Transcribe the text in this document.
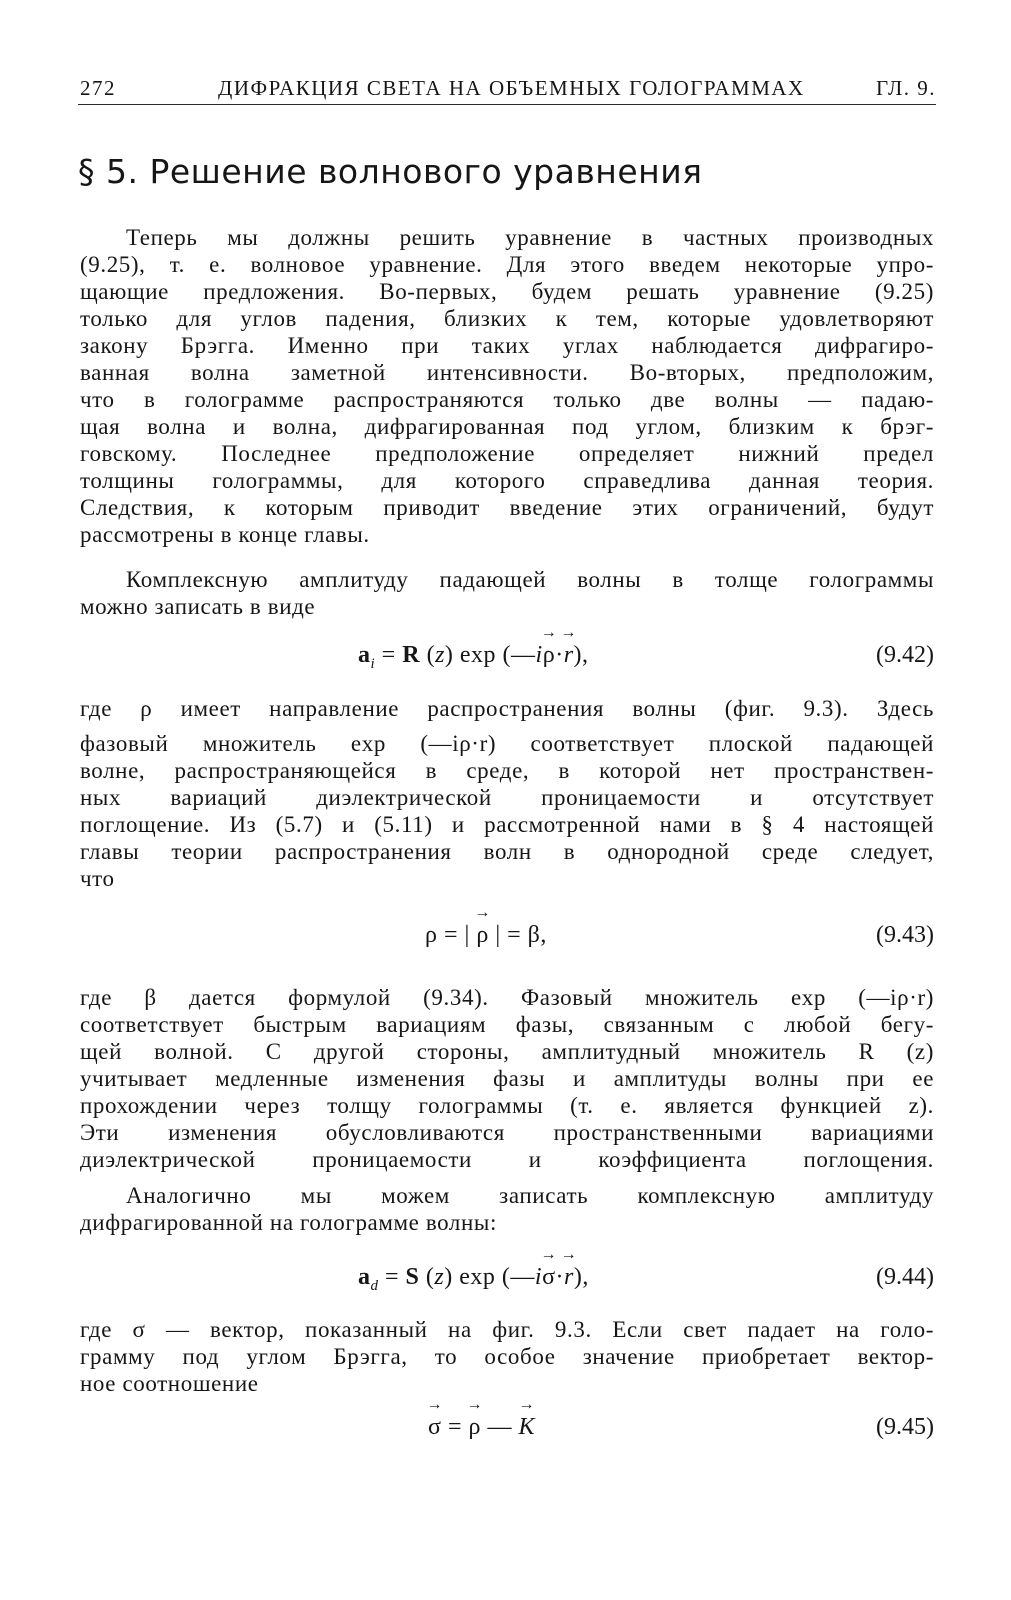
272	ДИФРАКЦИЯ СВЕТА НА ОБЪЕМНЫХ ГОЛОГРАММАХ	ГЛ. 9.
§ 5. Решение волнового уравнения
Теперь мы должны решить уравнение в частных производных
(9.25), т. е. волновое уравнение. Для этого введем некоторые упро-
щающие предложения. Во-первых, будем решать уравнение (9.25)
только для углов падения, близких к тем, которые удовлетворяют
закону Брэгга. Именно при таких углах наблюдается дифрагиро-
ванная волна заметной интенсивности. Во-вторых, предположим,
что в голограмме распространяются только две волны — падаю-
щая волна и волна, дифрагированная под углом, близким к брэг-
говскому. Последнее предположение определяет нижний предел
толщины голограммы, для которого справедлива данная теория.
Следствия, к которым приводит введение этих ограничений, будут
рассмотрены в конце главы.
Комплексную амплитуду падающей волны в толще голограммы
можно записать в виде
$a_i = R$ (z) exp (—i→ ρ·→ r),	(9.42)
где ρ имеет направление распространения волны (фиг. 9.3). Здесь
фазовый множитель exp (—iρ·r) соответствует плоской падающей
волне, распространяющейся в среде, в которой нет пространствен-
ных вариаций диэлектрической проницаемости и отсутствует
поглощение. Из (5.7) и (5.11) и рассмотренной нами в § 4 настоящей
главы теории распространения волн в однородной среде следует,
что
ρ = | → ρ | = β,	(9.43)
где β дается формулой (9.34). Фазовый множитель exp (—iρ·r)
соответствует быстрым вариациям фазы, связанным с любой бегу-
щей волной. С другой стороны, амплитудный множитель R (z)
учитывает медленные изменения фазы и амплитуды волны при ее
прохождении через толщу голограммы (т. е. является функцией z).
Эти изменения обусловливаются пространственными вариациями
диэлектрической проницаемости и коэффициента поглощения.
Аналогично мы можем записать комплексную амплитуду
дифрагированной на голограмме волны:
$a_d = S$ (z) exp (—i→ σ·→ r),	(9.44)
где σ — вектор, показанный на фиг. 9.3. Если свет падает на голо-
грамму под углом Брэгга, то особое значение приобретает вектор-
ное соотношение
→ σ = → ρ — → K	(9.45)
